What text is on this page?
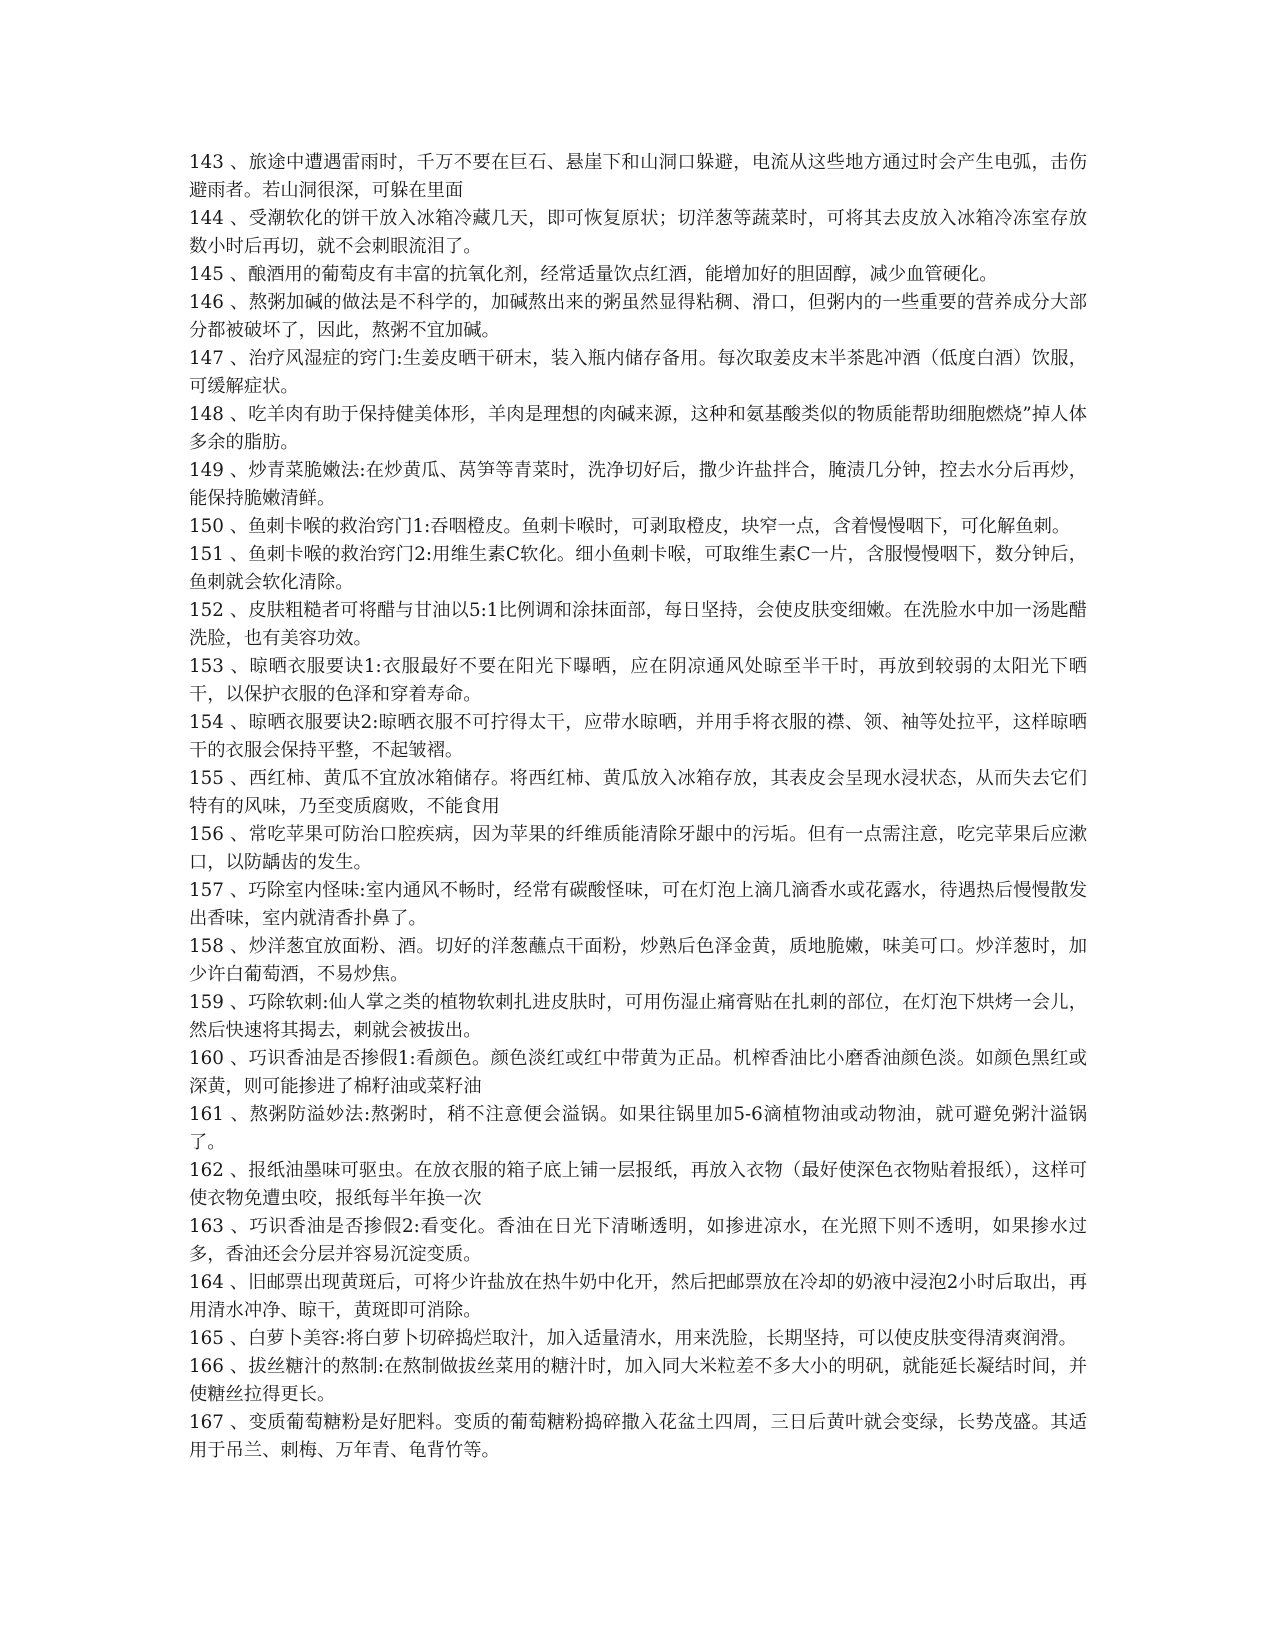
143 、旅途中遭遇雷雨时，千万不要在巨石、悬崖下和山洞口躲避，电流从这些地方通过时会产生电弧，击伤避雨者。若山洞很深，可躲在里面

144 、受潮软化的饼干放入冰箱冷藏几天，即可恢复原状；切洋葱等蔬菜时，可将其去皮放入冰箱冷冻室存放数小时后再切，就不会刺眼流泪了。

145 、酿酒用的葡萄皮有丰富的抗氧化剂，经常适量饮点红酒，能增加好的胆固醇，减少血管硬化。

146 、熬粥加碱的做法是不科学的，加碱熬出来的粥虽然显得粘稠、滑口，但粥内的一些重要的营养成分大部分都被破坏了，因此，熬粥不宜加碱。

147 、治疗风湿症的窍门:生姜皮晒干研末，装入瓶内储存备用。每次取姜皮末半茶匙冲酒（低度白酒）饮服，可缓解症状。

148 、吃羊肉有助于保持健美体形，羊肉是理想的肉碱来源，这种和氨基酸类似的物质能帮助细胞燃烧”掉人体多余的脂肪。

149 、炒青菜脆嫩法:在炒黄瓜、莴笋等青菜时，洗净切好后，撒少许盐拌合，腌渍几分钟，控去水分后再炒，能保持脆嫩清鲜。

150 、鱼刺卡喉的救治窍门1:吞咽橙皮。鱼刺卡喉时，可剥取橙皮，块窄一点，含着慢慢咽下，可化解鱼刺。

151 、鱼刺卡喉的救治窍门2:用维生素C软化。细小鱼刺卡喉，可取维生素C一片，含服慢慢咽下，数分钟后，鱼刺就会软化清除。

152 、皮肤粗糙者可将醋与甘油以5:1比例调和涂抹面部，每日坚持，会使皮肤变细嫩。在洗脸水中加一汤匙醋洗脸，也有美容功效。

153 、晾晒衣服要诀1:衣服最好不要在阳光下曝晒，应在阴凉通风处晾至半干时，再放到较弱的太阳光下晒干，以保护衣服的色泽和穿着寿命。

154 、晾晒衣服要诀2:晾晒衣服不可拧得太干，应带水晾晒，并用手将衣服的襟、领、袖等处拉平，这样晾晒干的衣服会保持平整，不起皱褶。

155 、西红柿、黄瓜不宜放冰箱储存。将西红柿、黄瓜放入冰箱存放，其表皮会呈现水浸状态，从而失去它们特有的风味，乃至变质腐败，不能食用

156 、常吃苹果可防治口腔疾病，因为苹果的纤维质能清除牙龈中的污垢。但有一点需注意，吃完苹果后应漱口，以防龋齿的发生。

157 、巧除室内怪味:室内通风不畅时，经常有碳酸怪味，可在灯泡上滴几滴香水或花露水，待遇热后慢慢散发出香味，室内就清香扑鼻了。

158 、炒洋葱宜放面粉、酒。切好的洋葱蘸点干面粉，炒熟后色泽金黄，质地脆嫩，味美可口。炒洋葱时，加少许白葡萄酒，不易炒焦。

159 、巧除软刺:仙人掌之类的植物软刺扎进皮肤时，可用伤湿止痛膏贴在扎刺的部位，在灯泡下烘烤一会儿，然后快速将其揭去，刺就会被拔出。

160 、巧识香油是否掺假1:看颜色。颜色淡红或红中带黄为正品。机榨香油比小磨香油颜色淡。如颜色黑红或深黄，则可能掺进了棉籽油或菜籽油

161 、熬粥防溢妙法:熬粥时，稍不注意便会溢锅。如果往锅里加5-6滴植物油或动物油，就可避免粥汁溢锅了。

162 、报纸油墨味可驱虫。在放衣服的箱子底上铺一层报纸，再放入衣物（最好使深色衣物贴着报纸），这样可使衣物免遭虫咬，报纸每半年换一次

163 、巧识香油是否掺假2:看变化。香油在日光下清晰透明，如掺进凉水，在光照下则不透明，如果掺水过多，香油还会分层并容易沉淀变质。

164 、旧邮票出现黄斑后，可将少许盐放在热牛奶中化开，然后把邮票放在冷却的奶液中浸泡2小时后取出，再用清水冲净、晾干，黄斑即可消除。

165 、白萝卜美容:将白萝卜切碎捣烂取汁，加入适量清水，用来洗脸，长期坚持，可以使皮肤变得清爽润滑。

166 、拔丝糖汁的熬制:在熬制做拔丝菜用的糖汁时，加入同大米粒差不多大小的明矾，就能延长凝结时间，并使糖丝拉得更长。

167 、变质葡萄糖粉是好肥料。变质的葡萄糖粉捣碎撒入花盆土四周，三日后黄叶就会变绿，长势茂盛。其适用于吊兰、刺梅、万年青、龟背竹等。
